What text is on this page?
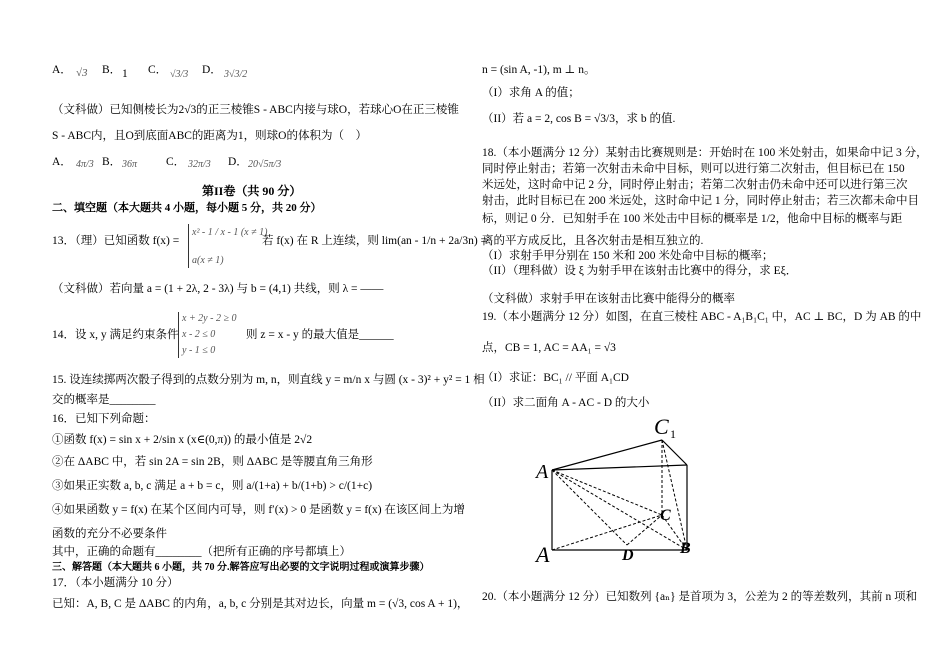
A． √3 B． 1 C． √3/3 D． 3√3/2
（文科做）已知侧棱长为2√3的正三棱锥S - ABC内接与球O，若球心O在正三棱锥
S - ABC内，且O到底面ABC的距离为1，则球O的体积为（　）
A． 4π/3 B． 36π	C． 32π/3 D． 20√5π/3
第II卷（共 90 分）
二、填空题（本大题共 4 小题，每小题 5 分，共 20 分）
13．（理）已知函数 f(x) =
x² - 1 / x - 1 (x ≠ 1)
a(x ≠ 1)
若 f(x) 在 R 上连续，则 lim(an - 1/n + 2a/3n) =
（文科做）若向量 a = (1 + 2λ, 2 - 3λ) 与 b = (4,1) 共线，则 λ = ——
14．设 x, y 满足约束条件
x + 2y - 2 ≥ 0
x - 2 ≤ 0
y - 1 ≤ 0
则 z = x - y 的最大值是______
15. 设连续掷两次骰子得到的点数分别为 m, n，则直线 y = m/n x 与圆 (x - 3)² + y² = 1 相
交的概率是________
16．已知下列命题：
①函数 f(x) = sin x + 2/sin x (x∈(0,π)) 的最小值是 2√2
②在 ΔABC 中，若 sin 2A = sin 2B，则 ΔABC 是等腰直角三角形
③如果正实数 a, b, c 满足 a + b = c，则 a/(1+a) + b/(1+b) > c/(1+c)
④如果函数 y = f(x) 在某个区间内可导，则 f′(x) > 0 是函数 y = f(x) 在该区间上为增
函数的充分不必要条件
其中，正确的命题有________（把所有正确的序号都填上）
三、解答题（本大题共 6 小题，共 70 分.解答应写出必要的文字说明过程或演算步骤）
17．（本小题满分 10 分）
已知：A, B, C 是 ΔABC 的内角，a, b, c 分别是其对边长，向量 m = (√3, cos A + 1)，
n = (sin A, -1), m ⊥ n。
（I）求角 A 的值；
（II）若 a = 2, cos B = √3/3，求 b 的值.
18.（本小题满分 12 分）某射击比赛规则是：开始时在 100 米处射击，如果命中记 3 分，
同时停止射击；若第一次射击未命中目标，则可以进行第二次射击，但目标已在 150
米远处，这时命中记 2 分，同时停止射击；若第二次射击仍未命中还可以进行第三次
射击，此时目标已在 200 米远处，这时命中记 1 分，同时停止射击；若三次都未命中目
标，则记 0 分．已知射手在 100 米处击中目标的概率是 1/2，他命中目标的概率与距
离的平方成反比，且各次射击是相互独立的.
（I）求射手甲分别在 150 米和 200 米处命中目标的概率；
（II）（理科做）设 ξ 为射手甲在该射击比赛中的得分，求 Eξ．
（文科做）求射手甲在该射击比赛中能得分的概率
19.（本小题满分 12 分）如图，在直三棱柱 ABC - A₁B₁C₁ 中，AC ⊥ BC，D 为 AB 的中
点，CB = 1, AC = AA₁ = √3
（I）求证：BC₁ // 平面 A₁CD
（II）求二面角 A - AC - D 的大小
C 1
A
C
A	D	B
20.（本小题满分 12 分）已知数列 {aₙ} 是首项为 3，公差为 2 的等差数列，其前 n 项和
